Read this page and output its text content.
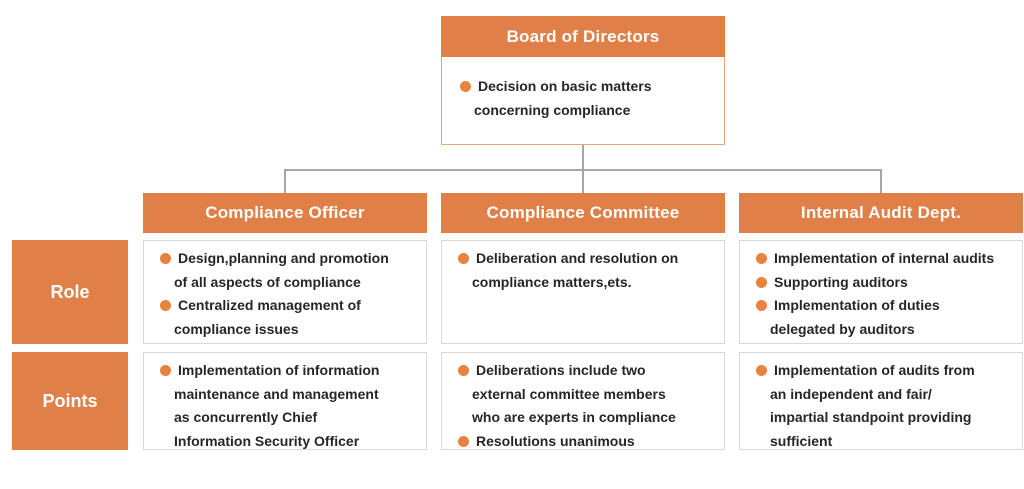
Board of Directors
Decision on basic matters
concerning compliance
Compliance Officer	Compliance Committee	Internal Audit Dept.
Role
Points
Design,planning and promotion
of all aspects of compliance
Centralized management of
compliance issues
Deliberation and resolution on
compliance matters,ets.
Implementation of internal audits
Supporting auditors
Implementation of duties
delegated by auditors
Implementation of information
maintenance and management
as concurrently Chief
Information Security Officer
Deliberations include two
external committee members
who are experts in compliance
Resolutions unanimous
Implementation of audits from
an independent and fair/
impartial standpoint providing
sufficient
